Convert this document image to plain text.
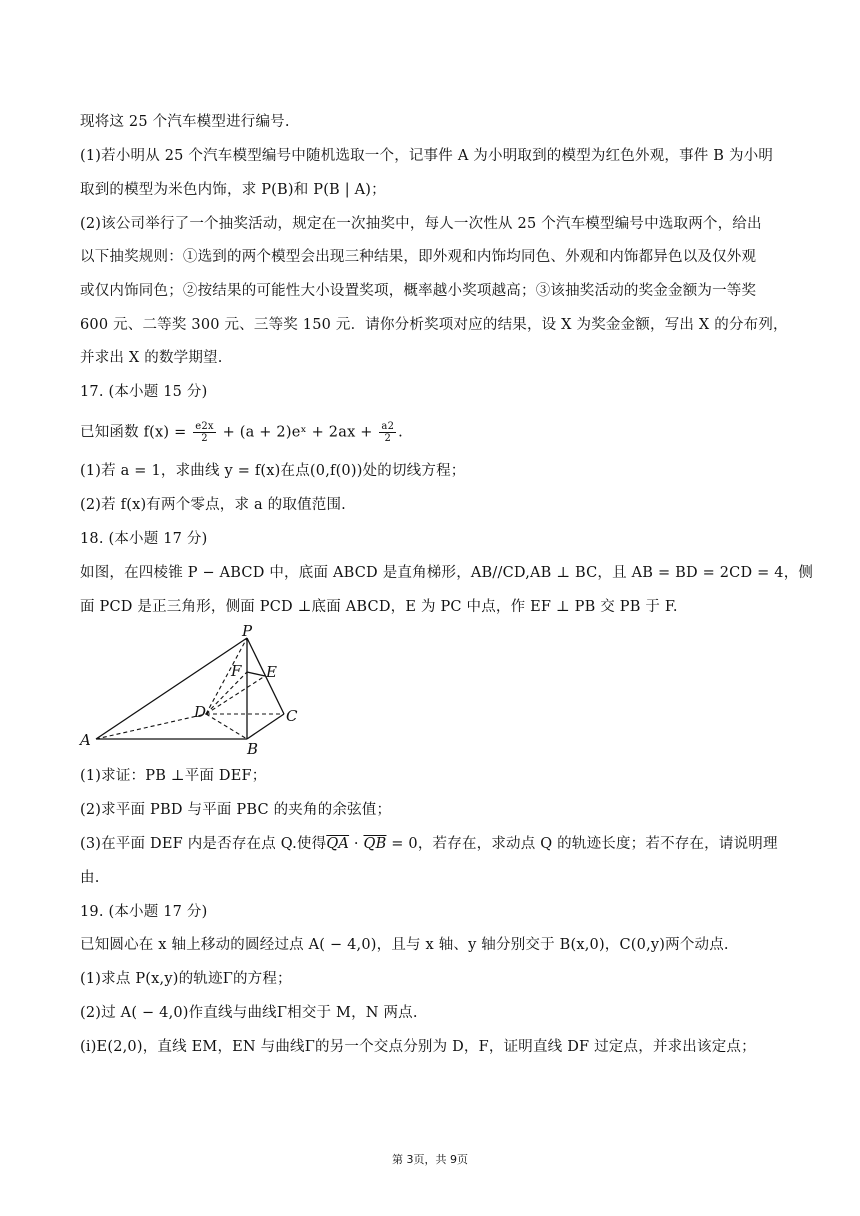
现将这 25 个汽车模型进行编号.
(1)若小明从 25 个汽车模型编号中随机选取一个，记事件 A 为小明取到的模型为红色外观，事件 B 为小明
取到的模型为米色内饰，求 P(B)和 P(B | A)；
(2)该公司举行了一个抽奖活动，规定在一次抽奖中，每人一次性从 25 个汽车模型编号中选取两个，给出
以下抽奖规则：①选到的两个模型会出现三种结果，即外观和内饰均同色、外观和内饰都异色以及仅外观
或仅内饰同色；②按结果的可能性大小设置奖项，概率越小奖项越高；③该抽奖活动的奖金金额为一等奖
600 元、二等奖 300 元、三等奖 150 元．请你分析奖项对应的结果，设 X 为奖金金额，写出 X 的分布列，
并求出 X 的数学期望.
17. (本小题 15 分)
已知函数 $f(x) = \frac{e2x}{2} + (a$ + 2)eˣ + $2ax + \frac{a2}{2}$ .
(1)若 a = 1，求曲线 y = f(x)在点(0,f(0))处的切线方程；
(2)若 f(x)有两个零点，求 a 的取值范围.
18. (本小题 17 分)
如图，在四棱锥 P − ABCD 中，底面 ABCD 是直角梯形，AB//CD,AB ⊥ BC，且 AB = BD = 2CD = 4，侧
面 PCD 是正三角形，侧面 PCD ⊥底面 ABCD，E 为 PC 中点，作 EF ⊥ PB 交 PB 于 F.
P
F E
D	C
A	B
(1)求证：PB ⊥平面 DEF；
(2)求平面 PBD 与平面 PBC 的夹角的余弦值；
(3)在平面 DEF 内是否存在点 Q.使得$\overline{QA} \cdot \overline{QB} = 0$，若存在，求动点 Q 的轨迹长度；若不存在，请说明理
由.
19. (本小题 17 分)
已知圆心在 x 轴上移动的圆经过点 A( − 4,0)，且与 x 轴、y 轴分别交于 B(x,0)，C(0,y)两个动点.
(1)求点 P(x,y)的轨迹Γ的方程；
(2)过 A( − 4,0)作直线与曲线Γ相交于 M，N 两点.
(i)E(2,0)，直线 EM，EN 与曲线Γ的另一个交点分别为 D，F，证明直线 DF 过定点，并求出该定点；
第 3页，共 9页
